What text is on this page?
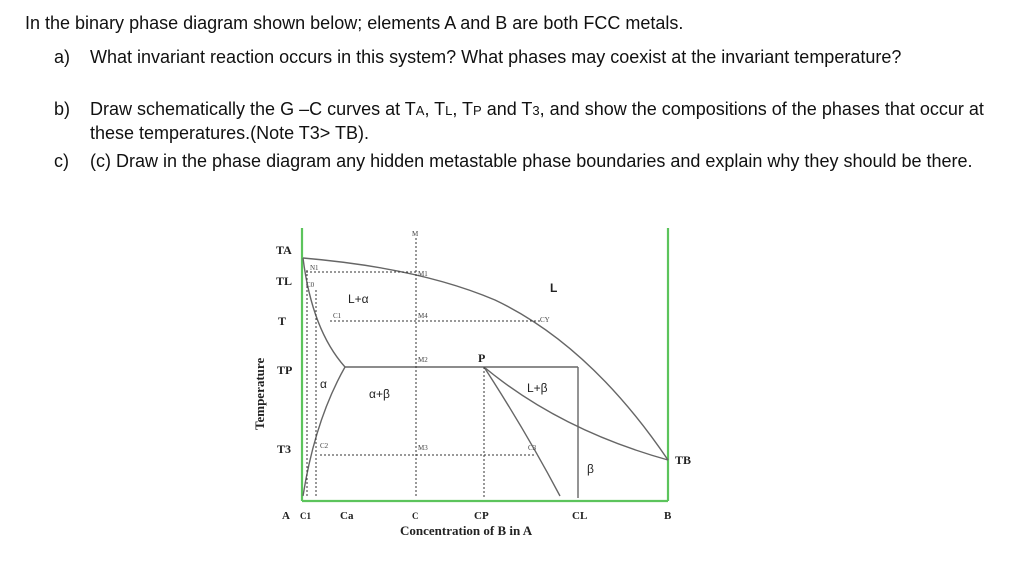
In the binary phase diagram shown below; elements A and B are both FCC metals.

a) What invariant reaction occurs in this system? What phases may coexist at the invariant temperature?
b) Draw schematically the G –C curves at TA, TL, TP and T3, and show the compositions of the phases that occur at these temperatures.(Note T3> TB).
c) (c) Draw in the phase diagram any hidden metastable phase boundaries and explain why they should be there.
TA
TL
T
TP
T3
TB
Temperature
A C1	Ca	C	CP	CL	B
Concentration of B in A
M
M1
M4
M2
M3
N1
C0
C1
C2	C3
CY
P
L
L+α
α
α+β	L+β
β
